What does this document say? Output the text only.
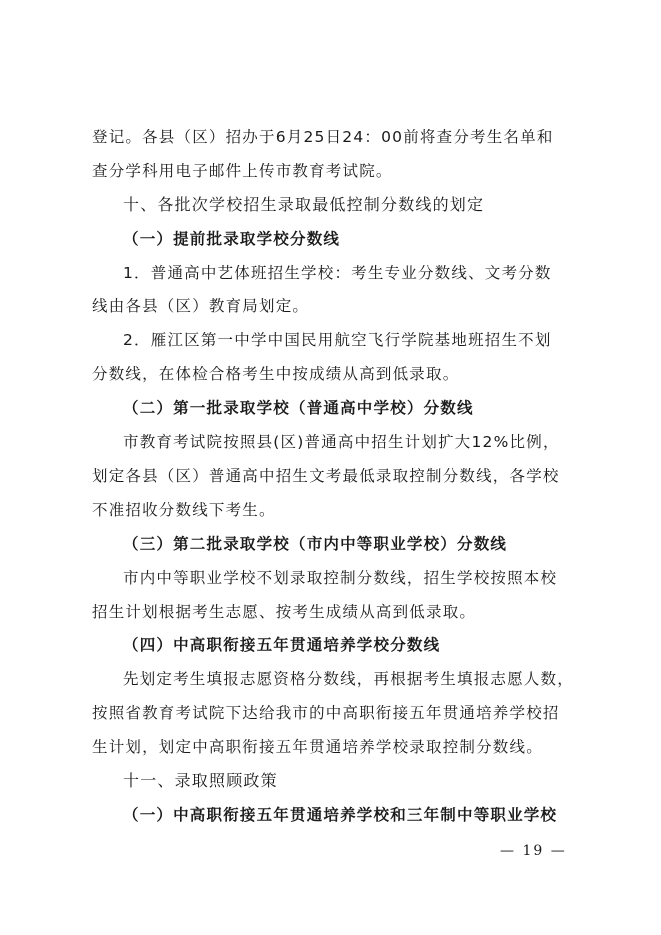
登记。各县（区）招办于6月25日24：00前将查分考生名单和
查分学科用电子邮件上传市教育考试院。
十、各批次学校招生录取最低控制分数线的划定
（一）提前批录取学校分数线
1．普通高中艺体班招生学校：考生专业分数线、文考分数
线由各县（区）教育局划定。
2．雁江区第一中学中国民用航空飞行学院基地班招生不划
分数线，在体检合格考生中按成绩从高到低录取。
（二）第一批录取学校（普通高中学校）分数线
市教育考试院按照县(区)普通高中招生计划扩大12%比例，
划定各县（区）普通高中招生文考最低录取控制分数线，各学校
不准招收分数线下考生。
（三）第二批录取学校（市内中等职业学校）分数线
市内中等职业学校不划录取控制分数线，招生学校按照本校
招生计划根据考生志愿、按考生成绩从高到低录取。
（四）中高职衔接五年贯通培养学校分数线
先划定考生填报志愿资格分数线，再根据考生填报志愿人数，
按照省教育考试院下达给我市的中高职衔接五年贯通培养学校招
生计划，划定中高职衔接五年贯通培养学校录取控制分数线。
十一、录取照顾政策
（一）中高职衔接五年贯通培养学校和三年制中等职业学校
— 19 —
